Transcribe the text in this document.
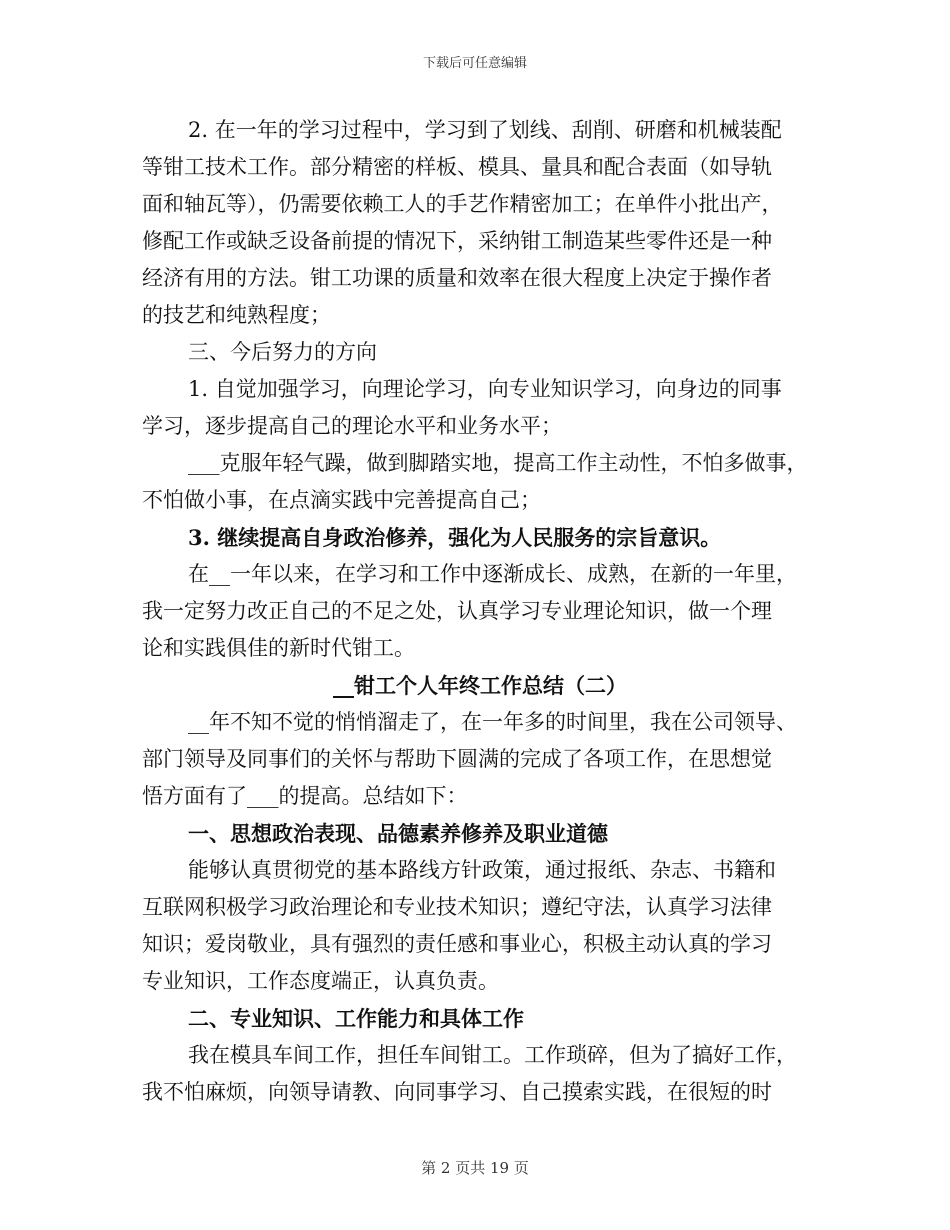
下载后可任意编辑
2. 在一年的学习过程中，学习到了划线、刮削、研磨和机械装配
等钳工技术工作。部分精密的样板、模具、量具和配合表面（如导轨
面和轴瓦等），仍需要依赖工人的手艺作精密加工；在单件小批出产，
修配工作或缺乏设备前提的情况下，采纳钳工制造某些零件还是一种
经济有用的方法。钳工功课的质量和效率在很大程度上决定于操作者
的技艺和纯熟程度；
三、今后努力的方向
1. 自觉加强学习，向理论学习，向专业知识学习，向身边的同事
学习，逐步提高自己的理论水平和业务水平；
___克服年轻气躁，做到脚踏实地，提高工作主动性，不怕多做事，
不怕做小事，在点滴实践中完善提高自己；
3. 继续提高自身政治修养，强化为人民服务的宗旨意识。
在__一年以来，在学习和工作中逐渐成长、成熟，在新的一年里，
我一定努力改正自己的不足之处，认真学习专业理论知识，做一个理
论和实践俱佳的新时代钳工。
__钳工个人年终工作总结（二）
__年不知不觉的悄悄溜走了，在一年多的时间里，我在公司领导、
部门领导及同事们的关怀与帮助下圆满的完成了各项工作，在思想觉
悟方面有了___的提高。总结如下：
一、思想政治表现、品德素养修养及职业道德
能够认真贯彻党的基本路线方针政策，通过报纸、杂志、书籍和
互联网积极学习政治理论和专业技术知识；遵纪守法，认真学习法律
知识；爱岗敬业，具有强烈的责任感和事业心，积极主动认真的学习
专业知识，工作态度端正，认真负责。
二、专业知识、工作能力和具体工作
我在模具车间工作，担任车间钳工。工作琐碎，但为了搞好工作，
我不怕麻烦，向领导请教、向同事学习、自己摸索实践，在很短的时
第 2 页共 19 页
